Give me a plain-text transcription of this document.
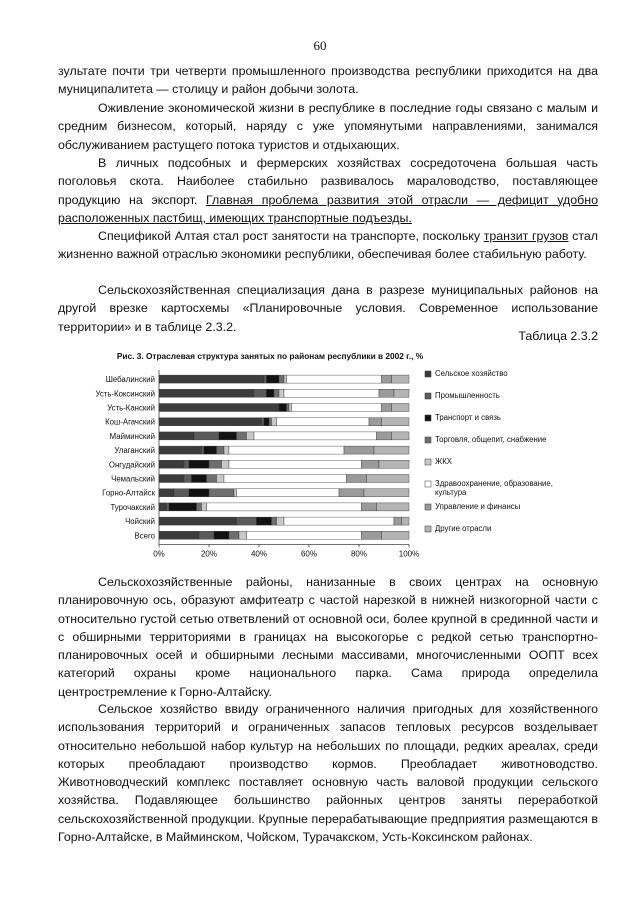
60

зультате почти три четверти промышленного производства республики приходится на два муниципалитета — столицу и район добычи золота.

Оживление экономической жизни в республике в последние годы связано с малым и средним бизнесом, который, наряду с уже упомянутыми направлениями, занимался обслуживанием растущего потока туристов и отдыхающих.

В личных подсобных и фермерских хозяйствах сосредоточена большая часть поголовья скота. Наиболее стабильно развивалось мараловодство, поставляющее продукцию на экспорт. Главная проблема развития этой отрасли — дефицит удобно расположенных пастбищ, имеющих транспортные подъезды.

Спецификой Алтая стал рост занятости на транспорте, поскольку транзит грузов стал жизненно важной отраслью экономики республики, обеспечивая более стабильную работу.

Сельскохозяйственная специализация дана в разрезе муниципальных районов на другой врезке картосхемы «Планировочные условия. Современное использование территории» и в таблице 2.3.2.

Таблица 2.3.2
Рис. 3. Отраслевая структура занятых по районам республики в 2002 г., %
0%	20%	40%	60%	80%	100%
Шебалинский
Усть-Коксинский
Усть-Канский
Кош-Агачский
Майминский
Улаганский
Онгудайский
Чемальский
Горно-Алтайск
Турочакский
Чойский
Всего
Сельское хозяйство
Промышленность
Транспорт и связь
Торговля, общепит, снабжение
ЖКХ
Здравоохранение, образование,
культура
Управление и финансы
Другие отрасли

Сельскохозяйственные районы, нанизанные в своих центрах на основную планировочную ось, образуют амфитеатр с частой нарезкой в нижней низкогорной части с относительно густой сетью ответвлений от основной оси, более крупной в срединной части и с обширными территориями в границах на высокогорье с редкой сетью транспортно-планировочных осей и обширными лесными массивами, многочисленными ООПТ всех категорий охраны кроме национального парка. Сама природа определила центростремление к Горно-Алтайску.

Сельское хозяйство ввиду ограниченного наличия пригодных для хозяйственного использования территорий и ограниченных запасов тепловых ресурсов возделывает относительно небольшой набор культур на небольших по площади, редких ареалах, среди которых преобладают производство кормов. Преобладает животноводство. Животноводческий комплекс поставляет основную часть валовой продукции сельского хозяйства. Подавляющее большинство районных центров заняты переработкой сельскохозяйственной продукции. Крупные перерабатывающие предприятия размещаются в Горно-Алтайске, в Майминском, Чойском, Турачакском, Усть-Коксинском районах.
